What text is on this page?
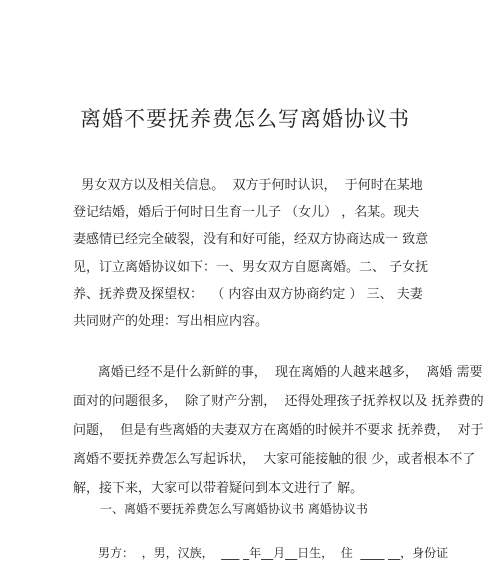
离婚不要抚养费怎么写离婚协议书
男女双方以及相关信息。  双方于何时认识，  于何时在某地
登记结婚，婚后于何时日生育一儿子 （女儿） ，名某。现夫
妻感情已经完全破裂，没有和好可能，经双方协商达成一 致意
见，订立离婚协议如下：一、男女双方自愿离婚。二、 子女抚
养、抚养费及探望权：  （ 内容由双方协商约定 ） 三、 夫妻
共同财产的处理：写出相应内容。
离婚已经不是什么新鲜的事，  现在离婚的人越来越多，  离婚 需要
面对的问题很多，  除了财产分割，  还得处理孩子抚养权以及 抚养费的
问题，  但是有些离婚的夫妻双方在离婚的时候并不要求 抚养费，  对于
离婚不要抚养费怎么写起诉状，  大家可能接触的很 少，或者根本不了
解，接下来，大家可以带着疑问到本文进行了 解。
一、离婚不要抚养费怎么写离婚协议书 离婚协议书
男方：  ，男，汉族，  ___ _年__月__日生，  住  ____ __，身份证
